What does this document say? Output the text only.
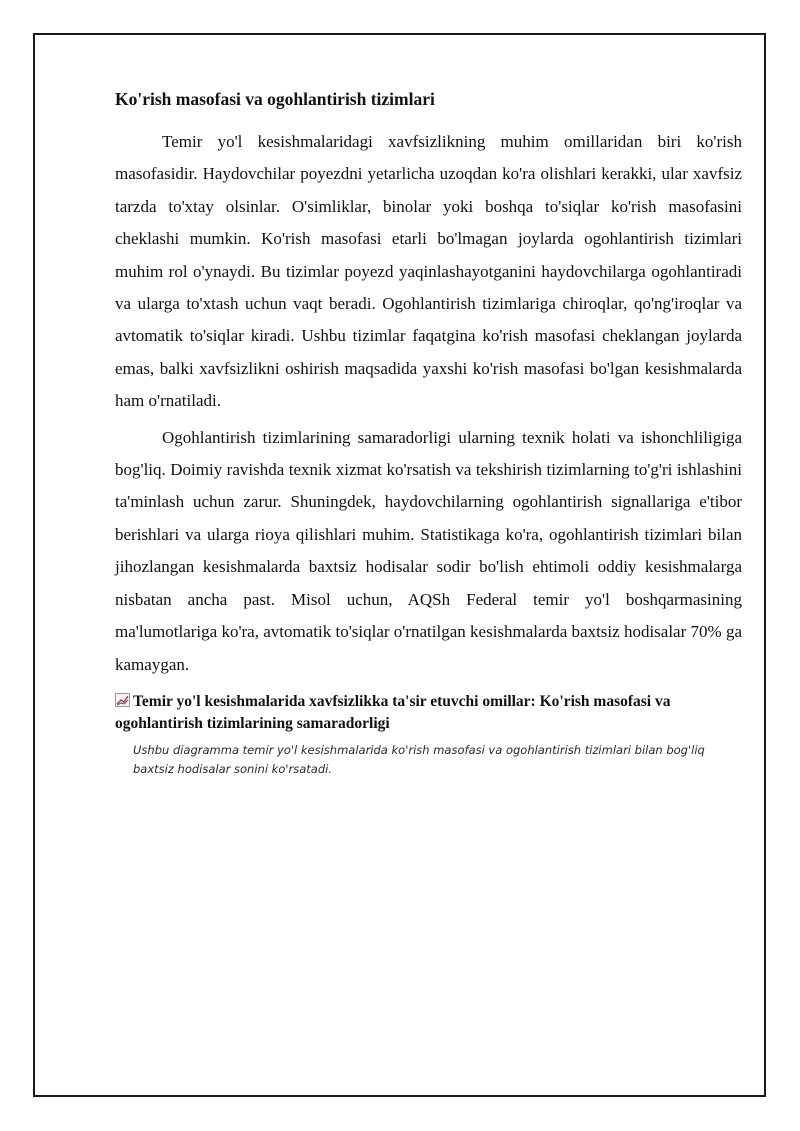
Ko'rish masofasi va ogohlantirish tizimlari

Temir yo'l kesishmalaridagi xavfsizlikning muhim omillaridan biri ko'rish masofasidir. Haydovchilar poyezdni yetarlicha uzoqdan ko'ra olishlari kerakki, ular xavfsiz tarzda to'xtay olsinlar. O'simliklar, binolar yoki boshqa to'siqlar ko'rish masofasini cheklashi mumkin. Ko'rish masofasi etarli bo'lmagan joylarda ogohlantirish tizimlari muhim rol o'ynaydi. Bu tizimlar poyezd yaqinlashayotganini haydovchilarga ogohlantiradi va ularga to'xtash uchun vaqt beradi. Ogohlantirish tizimlariga chiroqlar, qo'ng'iroqlar va avtomatik to'siqlar kiradi. Ushbu tizimlar faqatgina ko'rish masofasi cheklangan joylarda emas, balki xavfsizlikni oshirish maqsadida yaxshi ko'rish masofasi bo'lgan kesishmalarda ham o'rnatiladi.

Ogohlantirish tizimlarining samaradorligi ularning texnik holati va ishonchliligiga bog'liq. Doimiy ravishda texnik xizmat ko'rsatish va tekshirish tizimlarning to'g'ri ishlashini ta'minlash uchun zarur. Shuningdek, haydovchilarning ogohlantirish signallariga e'tibor berishlari va ularga rioya qilishlari muhim. Statistikaga ko'ra, ogohlantirish tizimlari bilan jihozlangan kesishmalarda baxtsiz hodisalar sodir bo'lish ehtimoli oddiy kesishmalarga nisbatan ancha past. Misol uchun, AQSh Federal temir yo'l boshqarmasining ma'lumotlariga ko'ra, avtomatik to'siqlar o'rnatilgan kesishmalarda baxtsiz hodisalar 70% ga kamaygan.

Temir yo'l kesishmalarida xavfsizlikka ta'sir etuvchi omillar: Ko'rish masofasi va ogohlantirish tizimlarining samaradorligi
Ushbu diagramma temir yo'l kesishmalarida ko'rish masofasi va ogohlantirish tizimlari bilan bog'liq baxtsiz hodisalar sonini ko'rsatadi.
